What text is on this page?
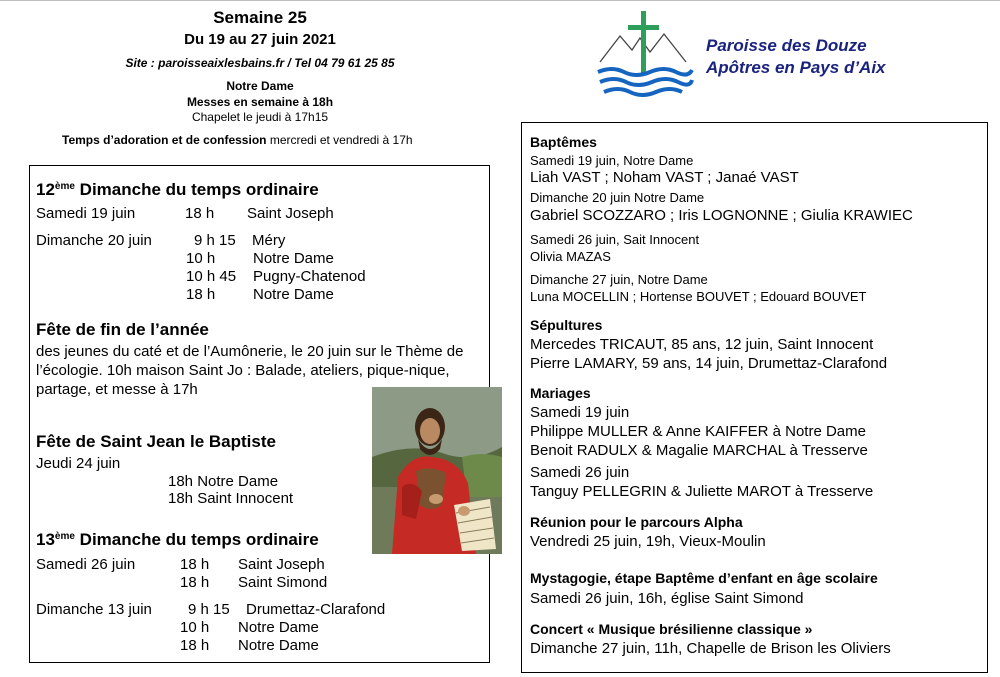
Semaine 25
Du 19 au 27 juin 2021
Site : paroisseaixlesbains.fr / Tel 04 79 61 25 85
Notre Dame
Messes en semaine à 18h
Chapelet le jeudi à 17h15
Temps d’adoration et de confession mercredi et vendredi à 17h
Paroisse des Douze
Apôtres en Pays d’Aix
12ème Dimanche du temps ordinaire
Samedi 19 juin	18 h Saint Joseph
Dimanche 20 juin	9 h 15 Méry
10 h	Notre Dame
10 h 45 Pugny-Chatenod
18 h	Notre Dame
Fête de fin de l’année
des jeunes du caté et de l’Aumônerie, le 20 juin sur le Thème de l’écologie. 10h maison Saint Jo : Balade, ateliers, pique-nique, partage, et messe à 17h
Fête de Saint Jean le Baptiste
Jeudi 24 juin
18h Notre Dame
18h Saint Innocent
13ème Dimanche du temps ordinaire
Samedi 26 juin	18 h Saint Joseph
18 h Saint Simond
Dimanche 13 juin 9 h 15 Drumettaz-Clarafond
10 h Notre Dame
18 h Notre Dame
Baptêmes
Samedi 19 juin, Notre Dame
Liah VAST ; Noham VAST ; Janaé VAST
Dimanche 20 juin Notre Dame
Gabriel SCOZZARO ; Iris LOGNONNE ; Giulia KRAWIEC
Samedi 26 juin, Sait Innocent
Olivia MAZAS
Dimanche 27 juin, Notre Dame
Luna MOCELLIN ; Hortense BOUVET ; Edouard BOUVET
Sépultures
Mercedes TRICAUT, 85 ans, 12 juin, Saint Innocent
Pierre LAMARY, 59 ans, 14 juin, Drumettaz-Clarafond
Mariages
Samedi 19 juin
Philippe MULLER & Anne KAIFFER à Notre Dame
Benoit RADULX & Magalie MARCHAL à Tresserve
Samedi 26 juin
Tanguy PELLEGRIN & Juliette MAROT à Tresserve
Réunion pour le parcours Alpha
Vendredi 25 juin, 19h, Vieux-Moulin
Mystagogie, étape Baptême d’enfant en âge scolaire
Samedi 26 juin, 16h, église Saint Simond
Concert « Musique brésilienne classique »
Dimanche 27 juin, 11h, Chapelle de Brison les Oliviers
